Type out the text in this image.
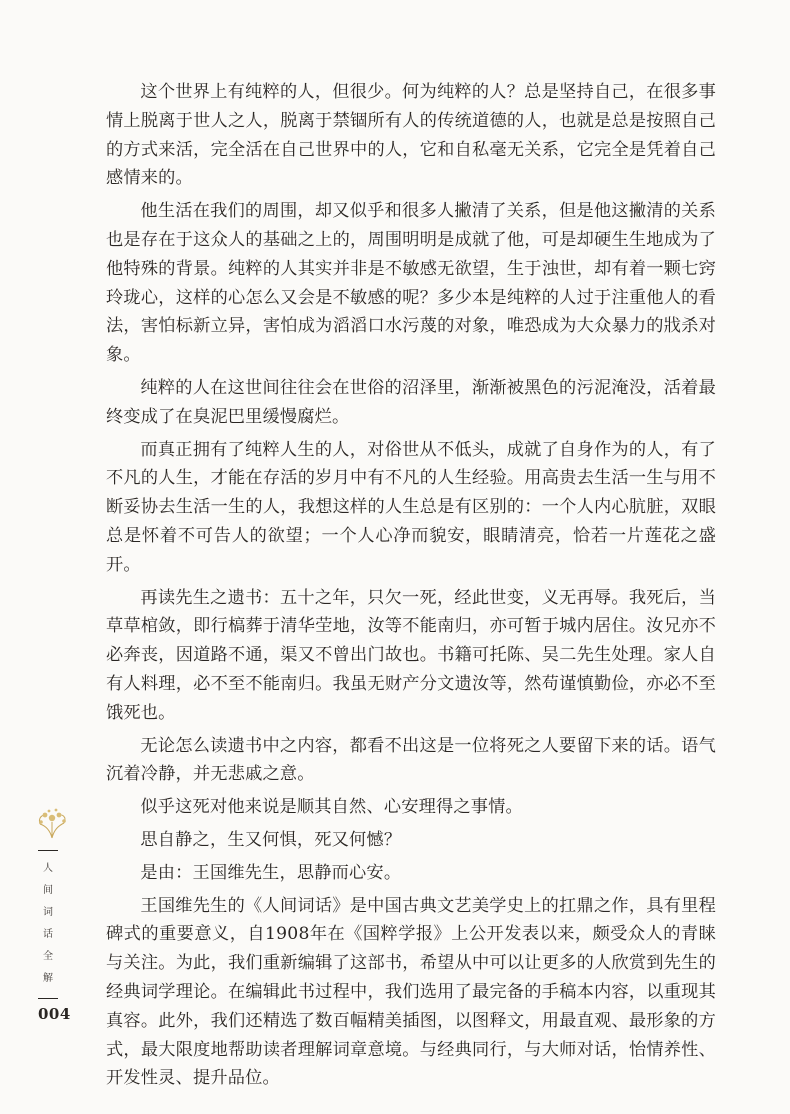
这个世界上有纯粹的人，但很少。何为纯粹的人？总是坚持自己，在很多事情上脱离于世人之人，脱离于禁锢所有人的传统道德的人，也就是总是按照自己的方式来活，完全活在自己世界中的人，它和自私毫无关系，它完全是凭着自己感情来的。

他生活在我们的周围，却又似乎和很多人撇清了关系，但是他这撇清的关系也是存在于这众人的基础之上的，周围明明是成就了他，可是却硬生生地成为了他特殊的背景。纯粹的人其实并非是不敏感无欲望，生于浊世，却有着一颗七窍玲珑心，这样的心怎么又会是不敏感的呢？多少本是纯粹的人过于注重他人的看法，害怕标新立异，害怕成为滔滔口水污蔑的对象，唯恐成为大众暴力的戕杀对象。

纯粹的人在这世间往往会在世俗的沼泽里，渐渐被黑色的污泥淹没，活着最终变成了在臭泥巴里缓慢腐烂。

而真正拥有了纯粹人生的人，对俗世从不低头，成就了自身作为的人，有了不凡的人生，才能在存活的岁月中有不凡的人生经验。用高贵去生活一生与用不断妥协去生活一生的人，我想这样的人生总是有区别的：一个人内心肮脏，双眼总是怀着不可告人的欲望；一个人心净而貌安，眼睛清亮，恰若一片莲花之盛开。

再读先生之遗书：五十之年，只欠一死，经此世变，义无再辱。我死后，当草草棺敛，即行槁葬于清华茔地，汝等不能南归，亦可暂于城内居住。汝兄亦不必奔丧，因道路不通，渠又不曾出门故也。书籍可托陈、吴二先生处理。家人自有人料理，必不至不能南归。我虽无财产分文遗汝等，然苟谨慎勤俭，亦必不至饿死也。

无论怎么读遗书中之内容，都看不出这是一位将死之人要留下来的话。语气沉着冷静，并无悲戚之意。

似乎这死对他来说是顺其自然、心安理得之事情。

思自静之，生又何惧，死又何憾？

是由：王国维先生，思静而心安。

王国维先生的《人间词话》是中国古典文艺美学史上的扛鼎之作，具有里程碑式的重要意义，自1908年在《国粹学报》上公开发表以来，颇受众人的青睐与关注。为此，我们重新编辑了这部书，希望从中可以让更多的人欣赏到先生的经典词学理论。在编辑此书过程中，我们选用了最完备的手稿本内容，以重现其真容。此外，我们还精选了数百幅精美插图，以图释文，用最直观、最形象的方式，最大限度地帮助读者理解词章意境。与经典同行，与大师对话，怡情养性、开发性灵、提升品位。

人
间
词
话
全
解
004
